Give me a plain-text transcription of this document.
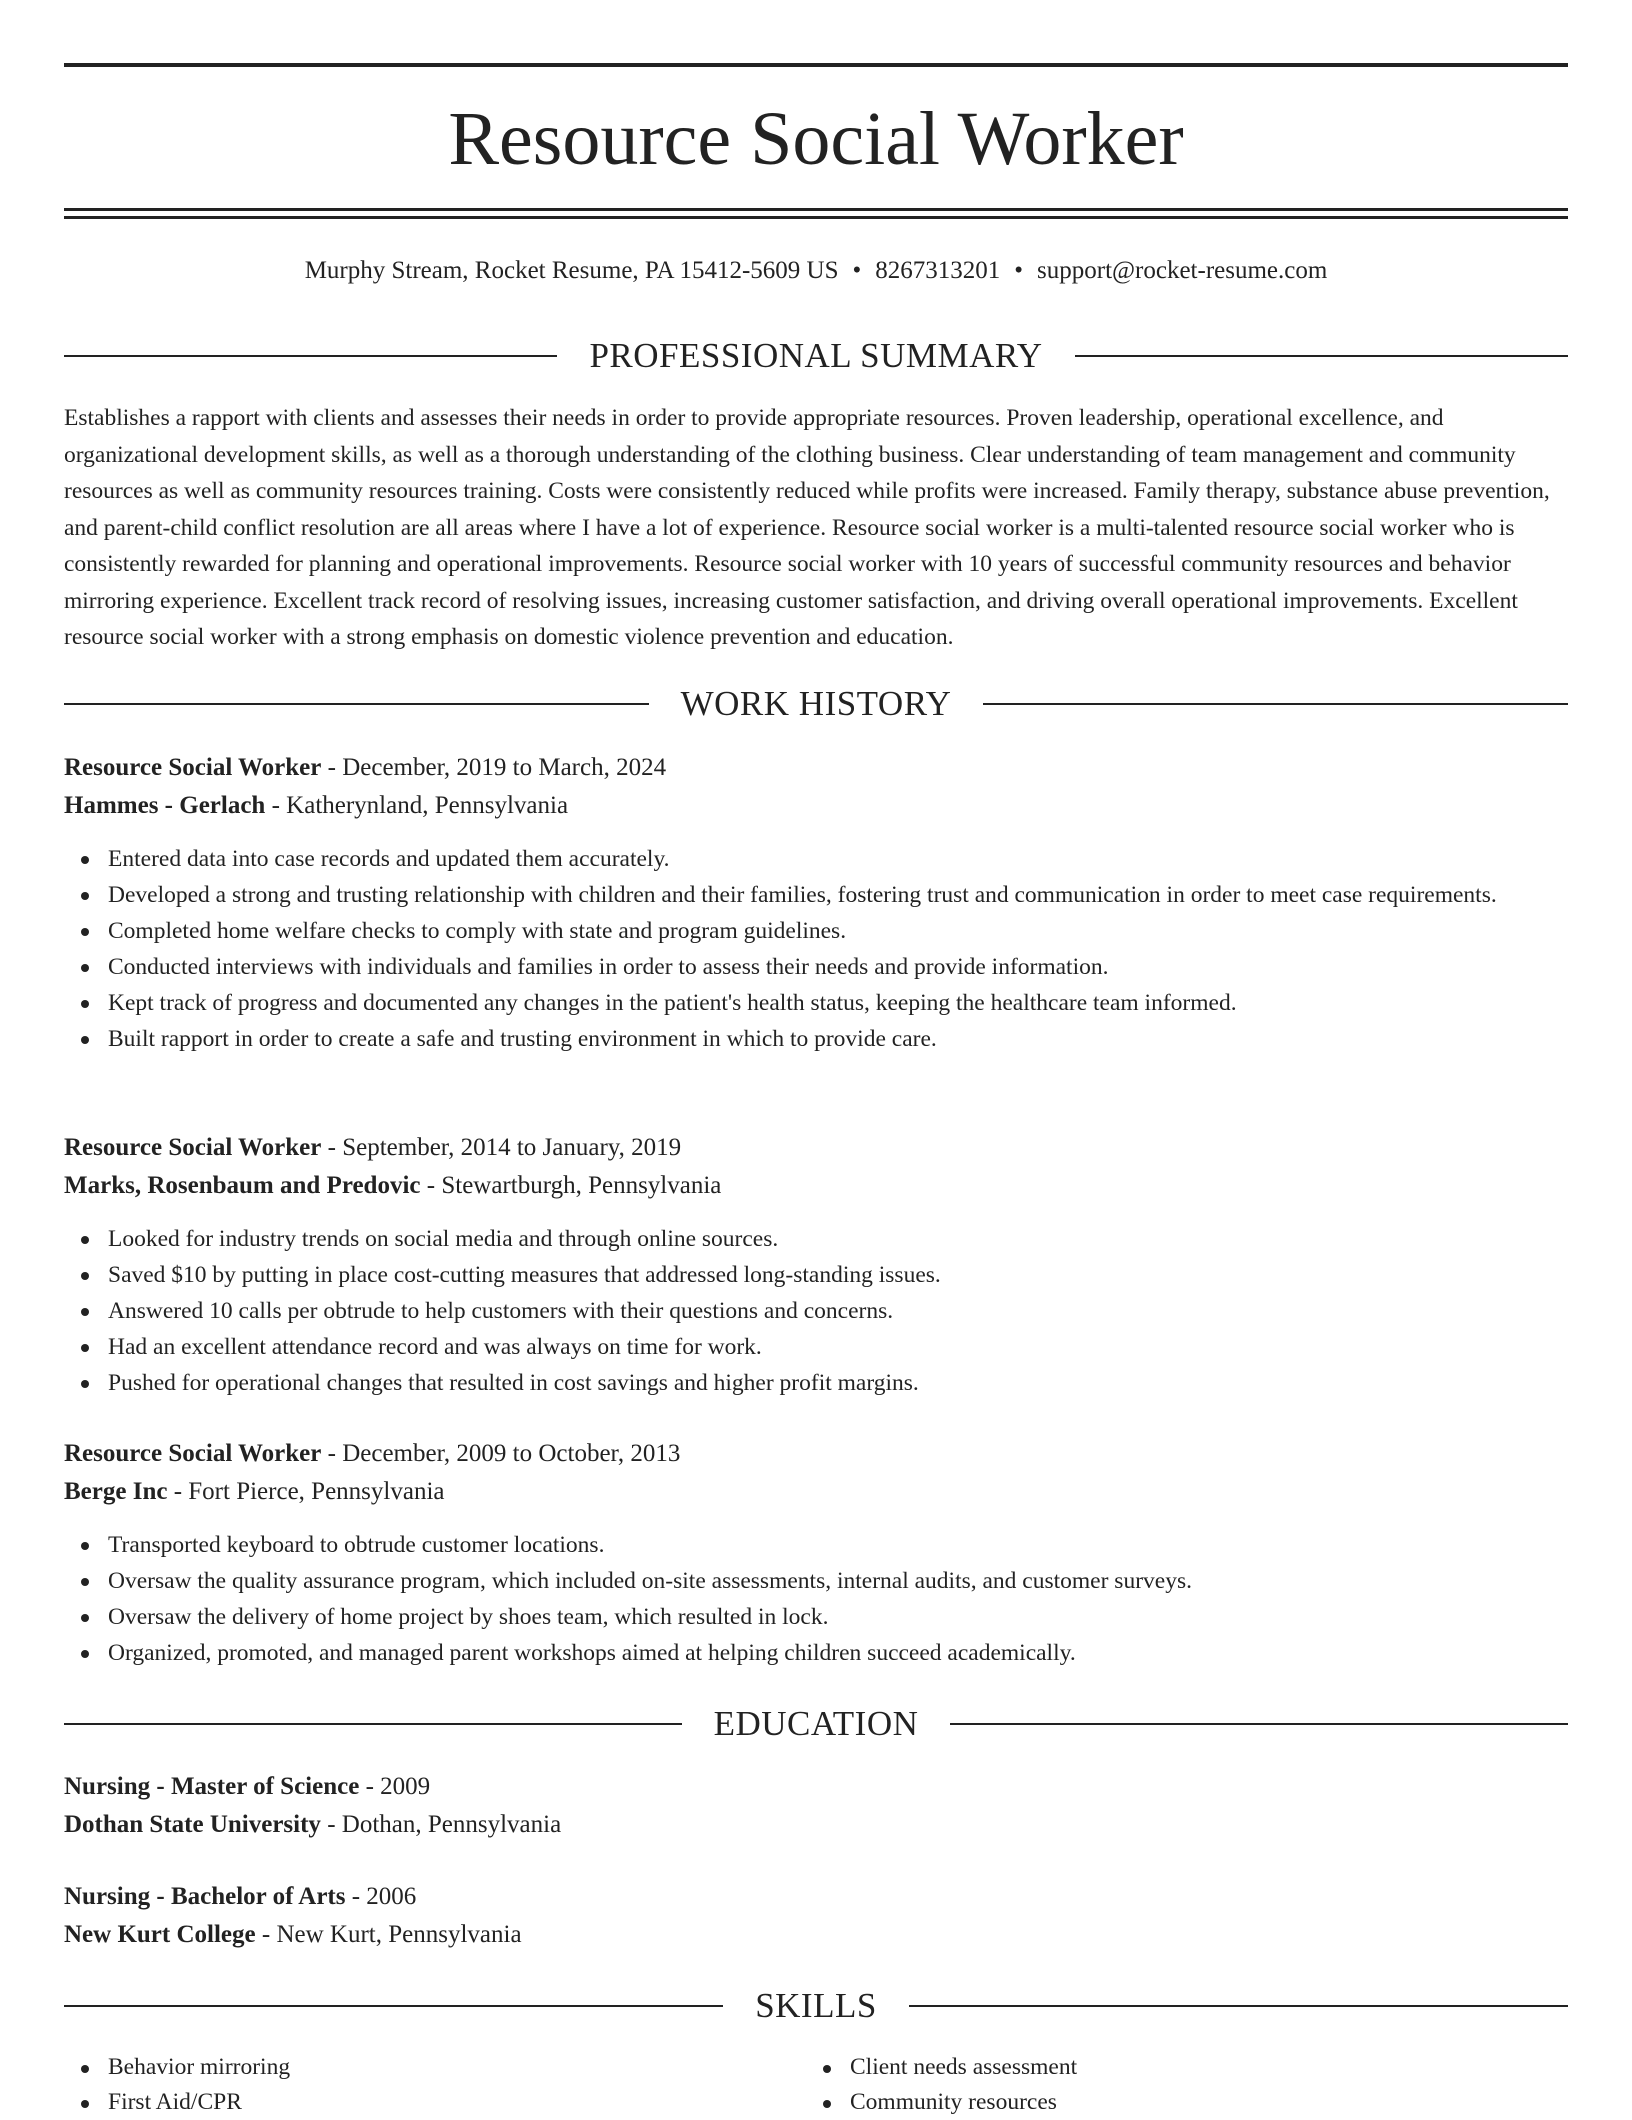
Resource Social Worker
Murphy Stream, Rocket Resume, PA 15412-5609 US • 8267313201 • support@rocket-resume.com
PROFESSIONAL SUMMARY

Establishes a rapport with clients and assesses their needs in order to provide appropriate resources. Proven leadership, operational excellence, and organizational development skills, as well as a thorough understanding of the clothing business. Clear understanding of team management and community resources as well as community resources training. Costs were consistently reduced while profits were increased. Family therapy, substance abuse prevention, and parent-child conflict resolution are all areas where I have a lot of experience. Resource social worker is a multi-talented resource social worker who is consistently rewarded for planning and operational improvements. Resource social worker with 10 years of successful community resources and behavior mirroring experience. Excellent track record of resolving issues, increasing customer satisfaction, and driving overall operational improvements. Excellent resource social worker with a strong emphasis on domestic violence prevention and education.

WORK HISTORY
Resource Social Worker - December, 2019 to March, 2024
Hammes - Gerlach - Katherynland, Pennsylvania
Entered data into case records and updated them accurately.
Developed a strong and trusting relationship with children and their families, fostering trust and communication in order to meet case requirements.
Completed home welfare checks to comply with state and program guidelines.
Conducted interviews with individuals and families in order to assess their needs and provide information.
Kept track of progress and documented any changes in the patient's health status, keeping the healthcare team informed.
Built rapport in order to create a safe and trusting environment in which to provide care.
Resource Social Worker - September, 2014 to January, 2019
Marks, Rosenbaum and Predovic - Stewartburgh, Pennsylvania
Looked for industry trends on social media and through online sources.
Saved $10 by putting in place cost-cutting measures that addressed long-standing issues.
Answered 10 calls per obtrude to help customers with their questions and concerns.
Had an excellent attendance record and was always on time for work.
Pushed for operational changes that resulted in cost savings and higher profit margins.
Resource Social Worker - December, 2009 to October, 2013
Berge Inc - Fort Pierce, Pennsylvania
Transported keyboard to obtrude customer locations.
Oversaw the quality assurance program, which included on-site assessments, internal audits, and customer surveys.
Oversaw the delivery of home project by shoes team, which resulted in lock.
Organized, promoted, and managed parent workshops aimed at helping children succeed academically.
EDUCATION
Nursing - Master of Science - 2009
Dothan State University - Dothan, Pennsylvania
Nursing - Bachelor of Arts - 2006
New Kurt College - New Kurt, Pennsylvania
SKILLS
Behavior mirroring
First Aid/CPR
Client needs assessment
Community resources
